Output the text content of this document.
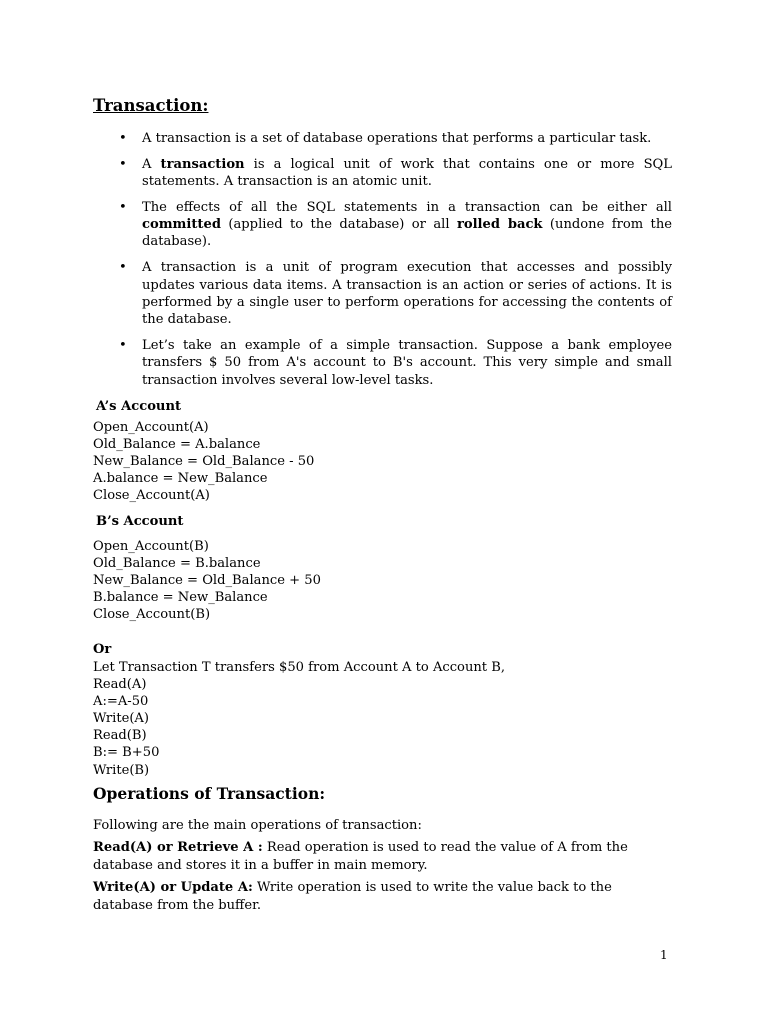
Transaction:
• A transaction is a set of database operations that performs a particular task.
• A transaction is a logical unit of work that contains one or more SQL statements. A transaction is an atomic unit.
• The effects of all the SQL statements in a transaction can be either all committed (applied to the database) or all rolled back (undone from the database).
• A transaction is a unit of program execution that accesses and possibly updates various data items. A transaction is an action or series of actions. It is performed by a single user to perform operations for accessing the contents of the database.
• Let’s take an example of a simple transaction. Suppose a bank employee transfers $ 50 from A's account to B's account. This very simple and small transaction involves several low-level tasks.

A’s Account

Open_Account(A)
Old_Balance = A.balance
New_Balance = Old_Balance - 50
A.balance = New_Balance
Close_Account(A)

B’s Account

Open_Account(B)
Old_Balance = B.balance
New_Balance = Old_Balance + 50
B.balance = New_Balance
Close_Account(B)

Or

Let Transaction T transfers $50 from Account A to Account B,
Read(A)
A:=A-50
Write(A)
Read(B)
B:= B+50
Write(B)
Operations of Transaction:

Following are the main operations of transaction:

Read(A) or Retrieve A : Read operation is used to read the value of A from the database and stores it in a buffer in main memory.

Write(A) or Update A: Write operation is used to write the value back to the database from the buffer.

1
